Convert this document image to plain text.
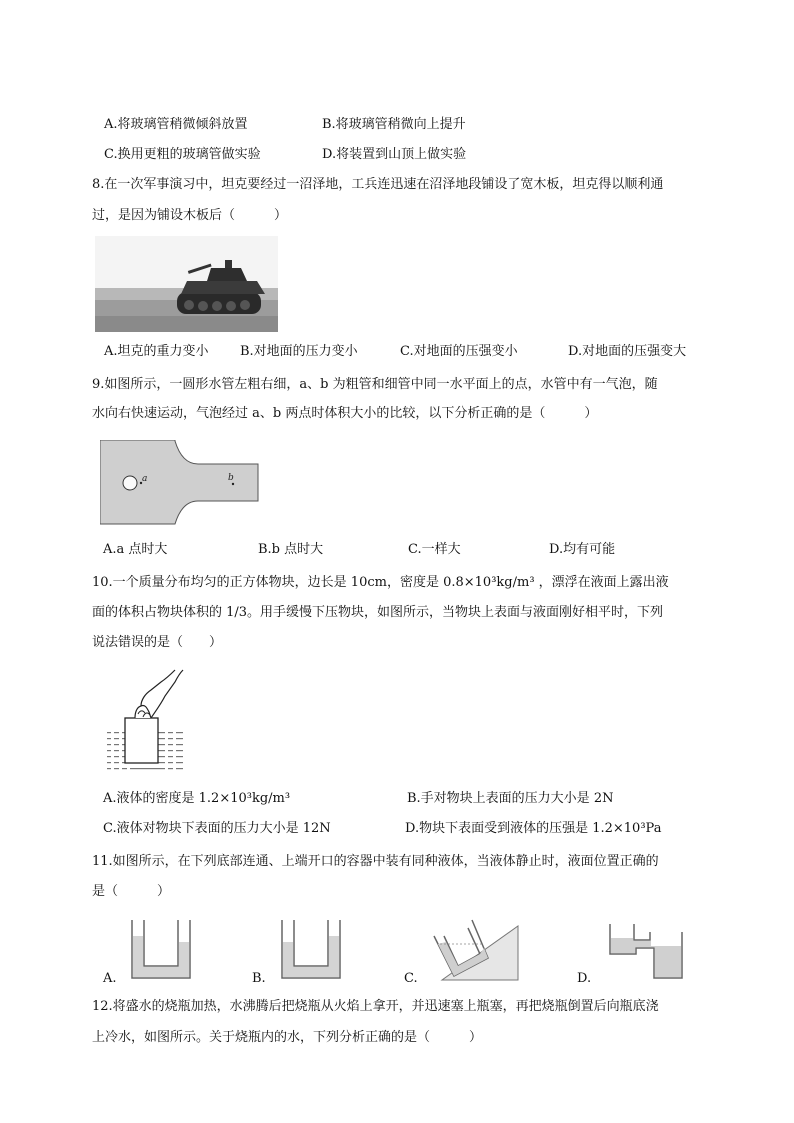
A.将玻璃管稍微倾斜放置	B.将玻璃管稍微向上提升
C.换用更粗的玻璃管做实验	D.将装置到山顶上做实验
8.在一次军事演习中，坦克要经过一沼泽地，工兵连迅速在沼泽地段铺设了宽木板，坦克得以顺利通
过，是因为铺设木板后（　　　）
A.坦克的重力变小 B.对地面的压力变小	C.对地面的压强变小	D.对地面的压强变大
9.如图所示，一圆形水管左粗右细，a、b 为粗管和细管中同一水平面上的点，水管中有一气泡，随
水向右快速运动，气泡经过 a、b 两点时体积大小的比较，以下分析正确的是（　　　）
a	b
A.a 点时大	B.b 点时大	C.一样大	D.均有可能
10.一个质量分布均匀的正方体物块，边长是 10cm，密度是 0.8×10³kg/m³ ，漂浮在液面上露出液
面的体积占物块体积的 1/3。用手缓慢下压物块，如图所示，当物块上表面与液面刚好相平时，下列
说法错误的是（　　）
A.液体的密度是 1.2×10³kg/m³	B.手对物块上表面的压力大小是 2N
C.液体对物块下表面的压力大小是 12N	D.物块下表面受到液体的压强是 1.2×10³Pa
11.如图所示，在下列底部连通、上端开口的容器中装有同种液体，当液体静止时，液面位置正确的
是（　　　）
A.	B.	C.	D.
12.将盛水的烧瓶加热，水沸腾后把烧瓶从火焰上拿开，并迅速塞上瓶塞，再把烧瓶倒置后向瓶底浇
上冷水，如图所示。关于烧瓶内的水，下列分析正确的是（　　　）
